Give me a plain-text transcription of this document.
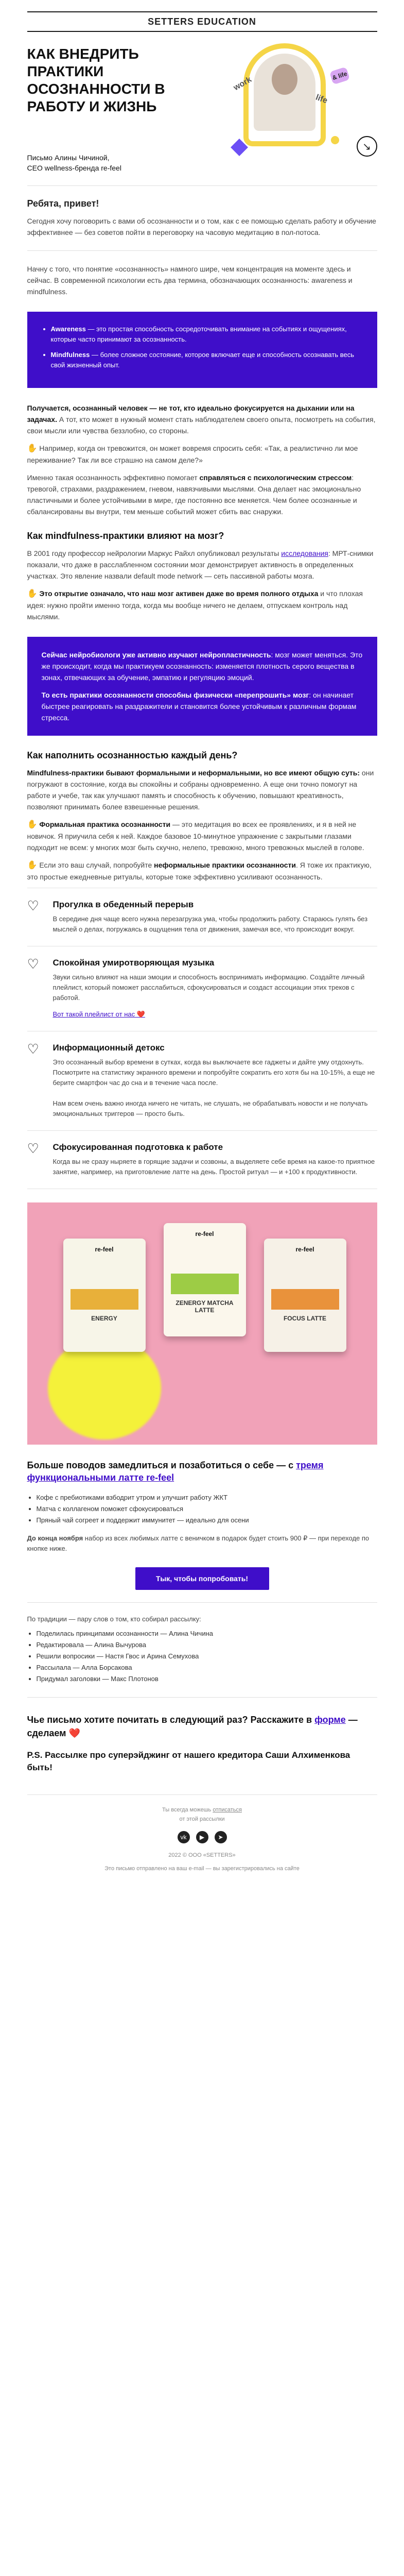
SETTERS EDUCATION
КАК ВНЕДРИТЬ ПРАКТИКИ ОСОЗНАННОСТИ В РАБОТУ И ЖИЗНЬ
& life
work
life
↘

Письмо Алины Чичиной,

CEO wellness-бренда re-feel

Ребята, привет!

Сегодня хочу поговорить с вами об осознанности и о том, как с ее помощью сделать работу и обучение эффективнее — без советов пойти в переговорку на часовую медитацию в пол-потоса.

Начну с того, что понятие «осознанность» намного шире, чем концентрация на моменте здесь и сейчас. В современной психологии есть два термина, обозначающих осознанность: awareness и mindfulness.

• Awareness — это простая способность сосредоточивать внимание на событиях и ощущениях, которые часто принимают за осознанность.
• Mindfulness — более сложное состояние, которое включает еще и способность осознавать весь свой жизненный опыт.

Получается, осознанный человек — не тот, кто идеально фокусируется на дыхании или на задачах. А тот, кто может в нужный момент стать наблюдателем своего опыта, посмотреть на события, свои мысли или чувства беззлобно, со стороны.

✋ Например, когда он тревожится, он может вовремя спросить себя: «Так, а реалистично ли мое переживание? Так ли все страшно на самом деле?»

Именно такая осознанность эффективно помогает справляться с психологическим стрессом: тревогой, страхами, раздражением, гневом, навязчивыми мыслями. Она делает нас эмоционально пластичными и более устойчивыми в мире, где постоянно все меняется. Чем более осознанные и сбалансированы вы внутри, тем меньше событий может сбить вас снаружи.

Как mindfulness-практики влияют на мозг?

В 2001 году профессор нейрологии Маркус Райхл опубликовал результаты исследования: МРТ-снимки показали, что даже в расслабленном состоянии мозг демонстрирует активность в определенных участках. Это явление назвали default mode network — сеть пассивной работы мозга.

✋ Это открытие означало, что наш мозг активен даже во время полного отдыха и что плохая идея: нужно пройти именно тогда, когда мы вообще ничего не делаем, отпускаем контроль над мыслями.

Сейчас нейробиологи уже активно изучают нейропластичность: мозг может меняться. Это же происходит, когда мы практикуем осознанность: изменяется плотность серого вещества в зонах, отвечающих за обучение, эмпатию и регуляцию эмоций.

То есть практики осознанности способны физически «перепрошить» мозг: он начинает быстрее реагировать на раздражители и становится более устойчивым к различным формам стресса.

Как наполнить осознанностью каждый день?

Mindfulness-практики бывают формальными и неформальными, но все имеют общую суть: они погружают в состояние, когда вы спокойны и собраны одновременно. А еще они точно помогут на работе и учебе, так как улучшают память и способность к обучению, повышают креативность, позволяют принимать более взвешенные решения.

✋ Формальная практика осознанности — это медитация во всех ее проявлениях, и я в ней не новичок. Я приучила себя к ней. Каждое базовое 10-минутное упражнение с закрытыми глазами подходит не всем: у многих мозг быть скучно, нелепо, тревожно, много тревожных мыслей в голове.

✋ Если это ваш случай, попробуйте неформальные практики осознанности. Я тоже их практикую, это простые ежедневные ритуалы, которые тоже эффективно усиливают осознанность.

♡
Прогулка в обеденный перерыв
В середине дня чаще всего нужна перезагрузка ума, чтобы продолжить работу. Стараюсь гулять без мыслей о делах, погружаясь в ощущения тела от движения, замечая все, что происходит вокруг.
♡
Спокойная умиротворяющая музыка
Звуки сильно влияют на наши эмоции и способность воспринимать информацию. Создайте личный плейлист, который поможет расслабиться, сфокусироваться и создаст ассоциации этих треков с работой.
Вот такой плейлист от нас ❤️
♡
Информационный детокс
Это осознанный выбор времени в сутках, когда вы выключаете все гаджеты и дайте уму отдохнуть. Посмотрите на статистику экранного времени и попробуйте сократить его хотя бы на 10-15%, а еще не берите смартфон час до сна и в течение часа после.

Нам всем очень важно иногда ничего не читать, не слушать, не обрабатывать новости и не получать эмоциональных триггеров — просто быть.
♡
Сфокусированная подготовка к работе
Когда вы не сразу ныряете в горящие задачи и созвоны, а выделяете себе время на какое-то приятное занятие, например, на приготовление латте на день. Простой ритуал — и +100 к продуктивности.
re-feel
ENERGY
re-feel
ZENERGY MATCHA LATTE
re-feel
FOCUS LATTE
Больше поводов замедлиться и позаботиться о себе — с тремя функциональными латте re-feel
• Кофе с пребиотиками взбодрит утром и улучшит работу ЖКТ
• Матча с коллагеном поможет сфокусироваться
• Пряный чай согреет и поддержит иммунитет — идеально для осени

До конца ноября набор из всех любимых латте с веничком в подарок будет стоить 900 ₽ — при переходе по кнопке ниже.

Тык, чтобы попробовать!

По традиции — пару слов о том, кто собирал рассылку:

• Поделилась принципами осознанности — Алина Чичина
• Редактировала — Алина Вычурова
• Решили вопросики — Настя Гвос и Арина Семухова
• Рассылала — Алла Борсакова
• Придумал заголовки — Макс Плотонов
Чье письмо хотите почитать в следующий раз? Расскажите в форме — сделаем ❤️
P.S. Рассылке про суперэйджинг от нашего кредитора Саши Алхименкова быть!
Ты всегда можешь отписаться
от этой рассылки
vk	▶	➤
2022 © ООО «SETTERS»
Это письмо отправлено на ваш e-mail — вы зарегистрировались на сайте
